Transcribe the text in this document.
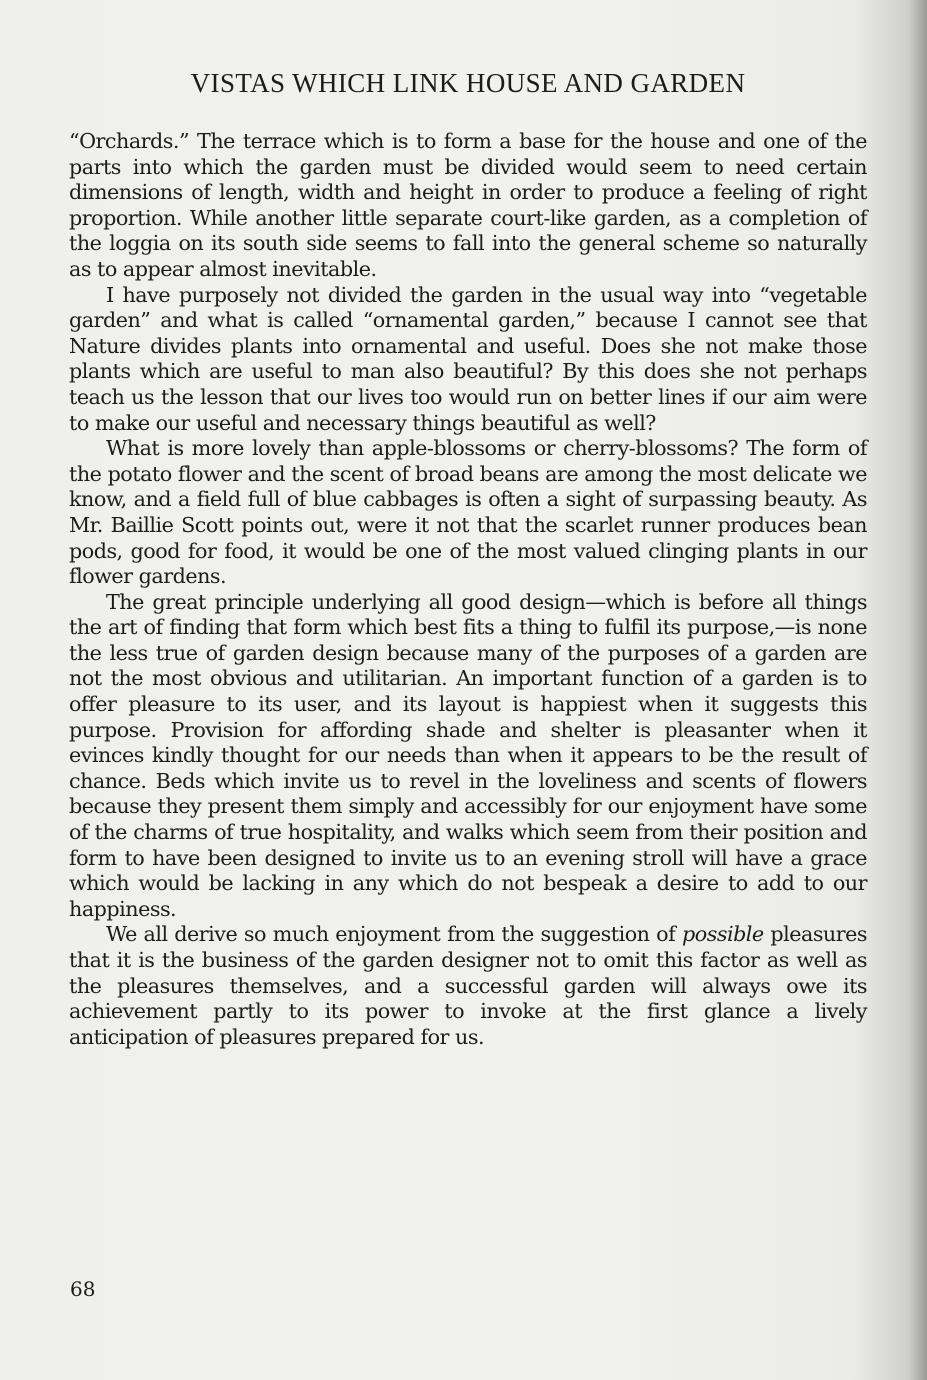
VISTAS WHICH LINK HOUSE AND GARDEN

“Orchards.” The terrace which is to form a base for the house and one of the parts into which the garden must be divided would seem to need certain dimensions of length, width and height in order to produce a feeling of right proportion. While another little separate court-like garden, as a completion of the loggia on its south side seems to fall into the general scheme so naturally as to appear almost inevitable.

I have purposely not divided the garden in the usual way into “vegetable garden” and what is called “ornamental garden,” because I cannot see that Nature divides plants into ornamental and useful. Does she not make those plants which are useful to man also beautiful? By this does she not perhaps teach us the lesson that our lives too would run on better lines if our aim were to make our useful and necessary things beautiful as well?

What is more lovely than apple-blossoms or cherry-blossoms? The form of the potato flower and the scent of broad beans are among the most delicate we know, and a field full of blue cabbages is often a sight of surpassing beauty. As Mr. Baillie Scott points out, were it not that the scarlet runner produces bean pods, good for food, it would be one of the most valued clinging plants in our flower gardens.

The great principle underlying all good design—which is before all things the art of finding that form which best fits a thing to fulfil its purpose,—is none the less true of garden design because many of the purposes of a garden are not the most obvious and utilitarian. An important function of a garden is to offer pleasure to its user, and its layout is happiest when it suggests this purpose. Provision for affording shade and shelter is pleasanter when it evinces kindly thought for our needs than when it appears to be the result of chance. Beds which invite us to revel in the loveliness and scents of flowers because they present them simply and accessibly for our enjoyment have some of the charms of true hospitality, and walks which seem from their position and form to have been designed to invite us to an evening stroll will have a grace which would be lacking in any which do not bespeak a desire to add to our happiness.

We all derive so much enjoyment from the suggestion of possible pleasures that it is the business of the garden designer not to omit this factor as well as the pleasures themselves, and a successful garden will always owe its achievement partly to its power to invoke at the first glance a lively anticipation of pleasures prepared for us.

68
